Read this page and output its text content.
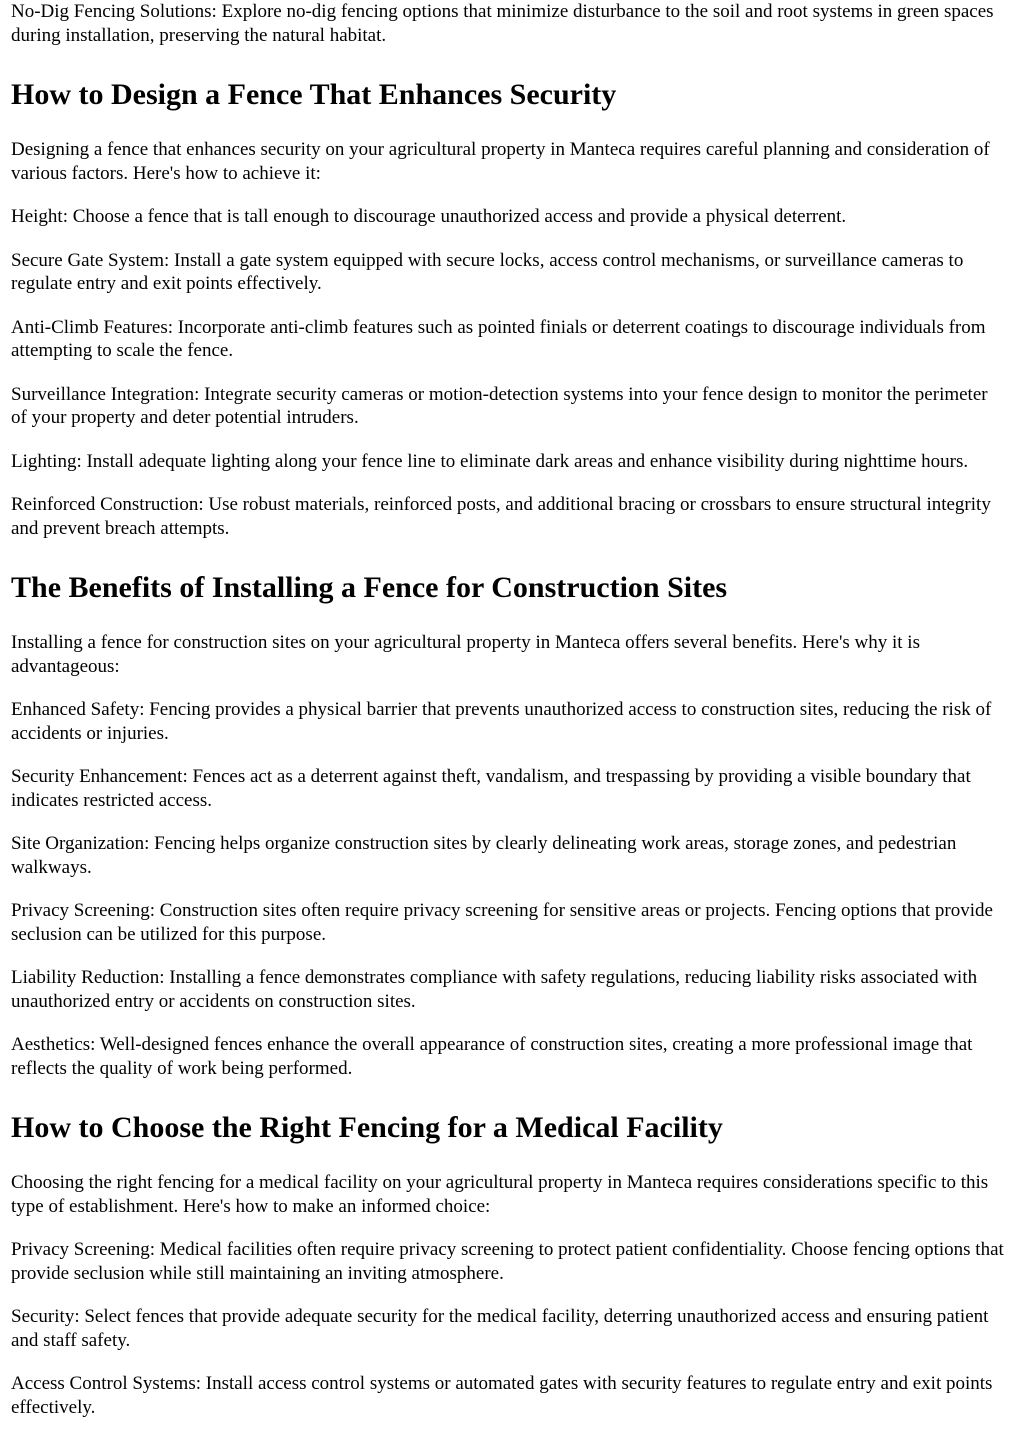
No-Dig Fencing Solutions: Explore no-dig fencing options that minimize disturbance to the soil and root systems in green spaces during installation, preserving the natural habitat.

How to Design a Fence That Enhances Security

Designing a fence that enhances security on your agricultural property in Manteca requires careful planning and consideration of various factors. Here's how to achieve it:

Height: Choose a fence that is tall enough to discourage unauthorized access and provide a physical deterrent.

Secure Gate System: Install a gate system equipped with secure locks, access control mechanisms, or surveillance cameras to regulate entry and exit points effectively.

Anti-Climb Features: Incorporate anti-climb features such as pointed finials or deterrent coatings to discourage individuals from attempting to scale the fence.

Surveillance Integration: Integrate security cameras or motion-detection systems into your fence design to monitor the perimeter of your property and deter potential intruders.

Lighting: Install adequate lighting along your fence line to eliminate dark areas and enhance visibility during nighttime hours.

Reinforced Construction: Use robust materials, reinforced posts, and additional bracing or crossbars to ensure structural integrity and prevent breach attempts.

The Benefits of Installing a Fence for Construction Sites

Installing a fence for construction sites on your agricultural property in Manteca offers several benefits. Here's why it is advantageous:

Enhanced Safety: Fencing provides a physical barrier that prevents unauthorized access to construction sites, reducing the risk of accidents or injuries.

Security Enhancement: Fences act as a deterrent against theft, vandalism, and trespassing by providing a visible boundary that indicates restricted access.

Site Organization: Fencing helps organize construction sites by clearly delineating work areas, storage zones, and pedestrian walkways.

Privacy Screening: Construction sites often require privacy screening for sensitive areas or projects. Fencing options that provide seclusion can be utilized for this purpose.

Liability Reduction: Installing a fence demonstrates compliance with safety regulations, reducing liability risks associated with unauthorized entry or accidents on construction sites.

Aesthetics: Well-designed fences enhance the overall appearance of construction sites, creating a more professional image that reflects the quality of work being performed.

How to Choose the Right Fencing for a Medical Facility

Choosing the right fencing for a medical facility on your agricultural property in Manteca requires considerations specific to this type of establishment. Here's how to make an informed choice:

Privacy Screening: Medical facilities often require privacy screening to protect patient confidentiality. Choose fencing options that provide seclusion while still maintaining an inviting atmosphere.

Security: Select fences that provide adequate security for the medical facility, deterring unauthorized access and ensuring patient and staff safety.

Access Control Systems: Install access control systems or automated gates with security features to regulate entry and exit points effectively.
